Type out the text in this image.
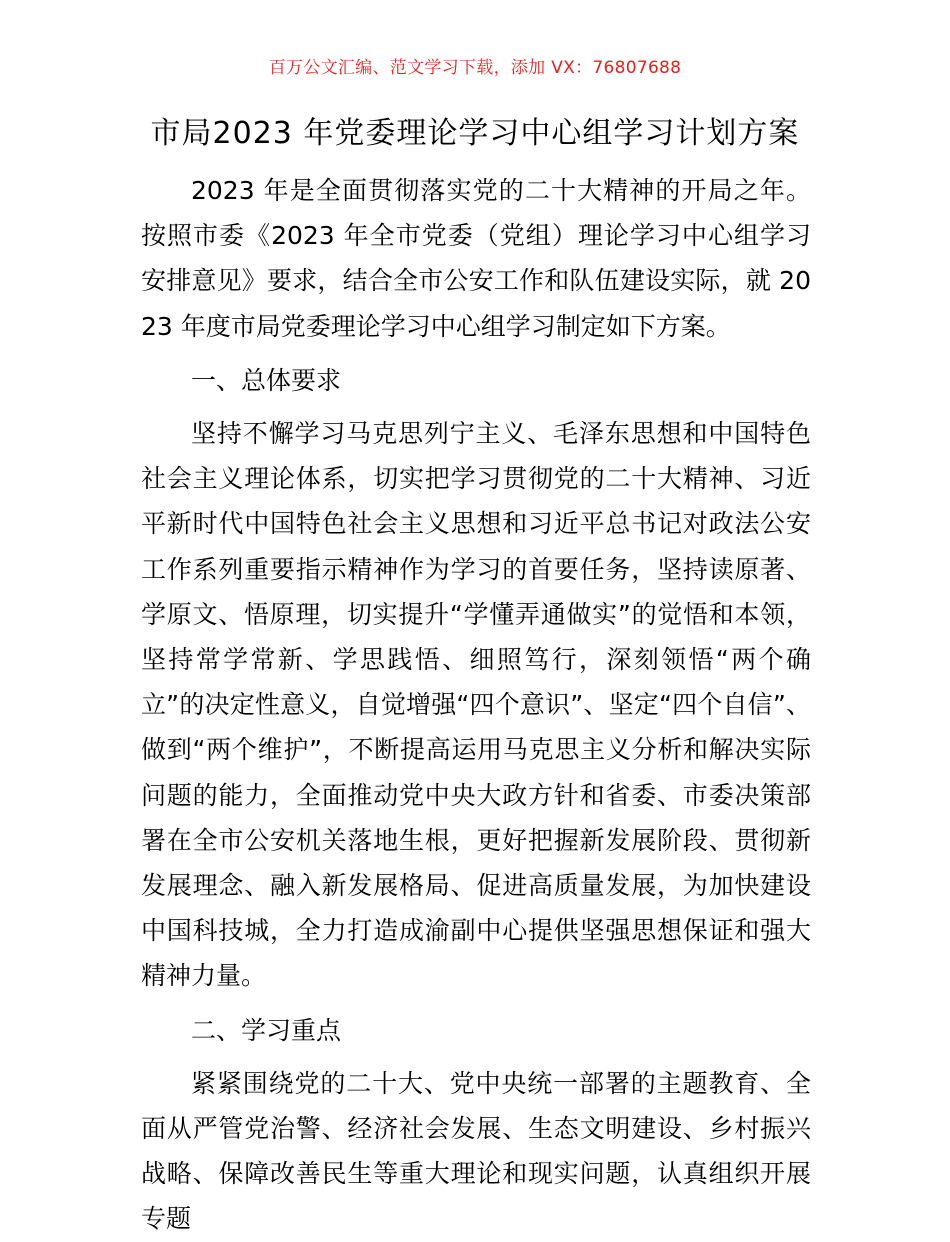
百万公文汇编、范文学习下载，添加 VX：76807688
市局2023 年党委理论学习中心组学习计划方案

2023 年是全面贯彻落实党的二十大精神的开局之年。按照市委《2023 年全市党委（党组）理论学习中心组学习安排意见》要求，结合全市公安工作和队伍建设实际，就 2023 年度市局党委理论学习中心组学习制定如下方案。

一、总体要求

坚持不懈学习马克思列宁主义、毛泽东思想和中国特色社会主义理论体系，切实把学习贯彻党的二十大精神、习近平新时代中国特色社会主义思想和习近平总书记对政法公安工作系列重要指示精神作为学习的首要任务，坚持读原著、学原文、悟原理，切实提升“学懂弄通做实”的觉悟和本领，坚持常学常新、学思践悟、细照笃行，深刻领悟“两个确立”的决定性意义，自觉增强“四个意识”、坚定“四个自信”、做到“两个维护”，不断提高运用马克思主义分析和解决实际问题的能力，全面推动党中央大政方针和省委、市委决策部署在全市公安机关落地生根，更好把握新发展阶段、贯彻新发展理念、融入新发展格局、促进高质量发展，为加快建设中国科技城，全力打造成渝副中心提供坚强思想保证和强大精神力量。

二、学习重点

紧紧围绕党的二十大、党中央统一部署的主题教育、全面从严管党治警、经济社会发展、生态文明建设、乡村振兴战略、保障改善民生等重大理论和现实问题，认真组织开展专题
